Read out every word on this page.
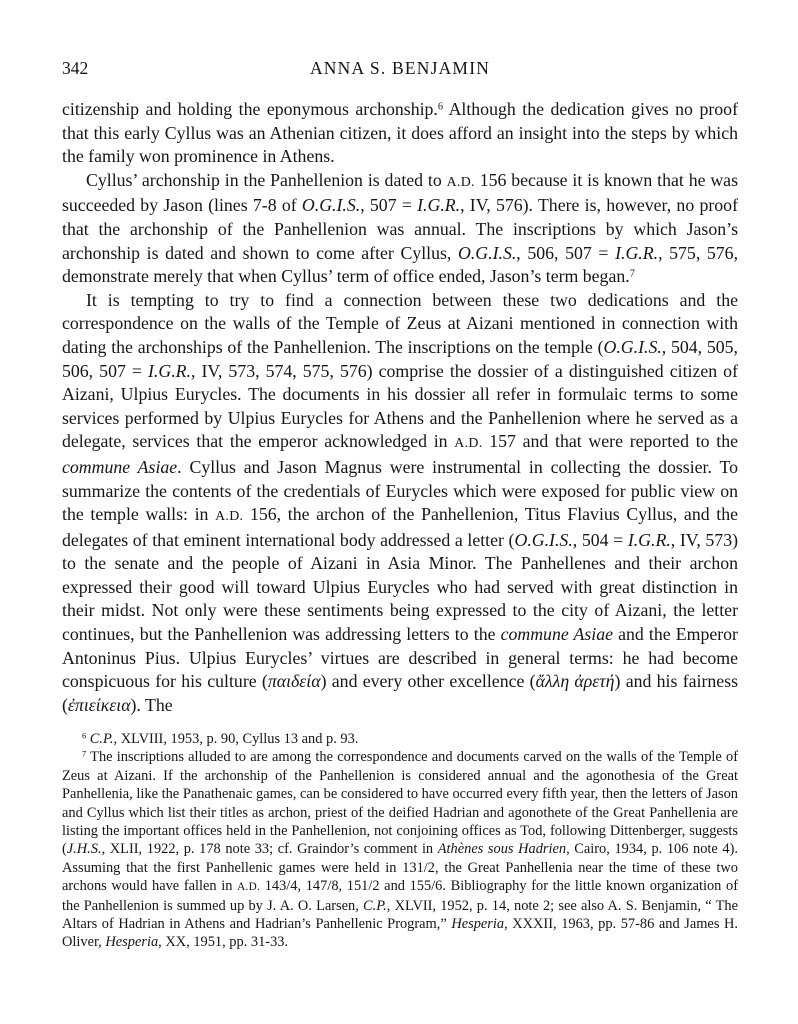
342	ANNA S. BENJAMIN

citizenship and holding the eponymous archonship.$^6$ Although the dedication gives no proof that this early Cyllus was an Athenian citizen, it does afford an insight into the steps by which the family won prominence in Athens.

Cyllus’ archonship in the Panhellenion is dated to A.D. 156 because it is known that he was succeeded by Jason (lines 7-8 of O.G.I.S., 507 = I.G.R., IV, 576). There is, however, no proof that the archonship of the Panhellenion was annual. The inscriptions by which Jason’s archonship is dated and shown to come after Cyllus, O.G.I.S., 506, 507 = I.G.R., 575, 576, demonstrate merely that when Cyllus’ term of office ended, Jason’s term began.$^7$

It is tempting to try to find a connection between these two dedications and the correspondence on the walls of the Temple of Zeus at Aizani mentioned in connection with dating the archonships of the Panhellenion. The inscriptions on the temple (O.G.I.S., 504, 505, 506, 507 = I.G.R., IV, 573, 574, 575, 576) comprise the dossier of a distinguished citizen of Aizani, Ulpius Eurycles. The documents in his dossier all refer in formulaic terms to some services performed by Ulpius Eurycles for Athens and the Panhellenion where he served as a delegate, services that the emperor acknowledged in A.D. 157 and that were reported to the commune Asiae. Cyllus and Jason Magnus were instrumental in collecting the dossier. To summarize the contents of the credentials of Eurycles which were exposed for public view on the temple walls: in A.D. 156, the archon of the Panhellenion, Titus Flavius Cyllus, and the delegates of that eminent international body addressed a letter (O.G.I.S., 504 = I.G.R., IV, 573) to the senate and the people of Aizani in Asia Minor. The Panhellenes and their archon expressed their good will toward Ulpius Eurycles who had served with great distinction in their midst. Not only were these sentiments being expressed to the city of Aizani, the letter continues, but the Panhellenion was addressing letters to the commune Asiae and the Emperor Antoninus Pius. Ulpius Eurycles’ virtues are described in general terms: he had become conspicuous for his culture (παιδεία) and every other excellence (ἄλλη ἀρετή) and his fairness (ἐπιείκεια). The

$^6$ C.P., XLVIII, 1953, p. 90, Cyllus 13 and p. 93.

$^7$ The inscriptions alluded to are among the correspondence and documents carved on the walls of the Temple of Zeus at Aizani. If the archonship of the Panhellenion is considered annual and the agonothesia of the Great Panhellenia, like the Panathenaic games, can be considered to have occurred every fifth year, then the letters of Jason and Cyllus which list their titles as archon, priest of the deified Hadrian and agonothete of the Great Panhellenia are listing the important offices held in the Panhellenion, not conjoining offices as Tod, following Dittenberger, suggests (J.H.S., XLII, 1922, p. 178 note 33; cf. Graindor’s comment in Athènes sous Hadrien, Cairo, 1934, p. 106 note 4). Assuming that the first Panhellenic games were held in 131/2, the Great Panhellenia near the time of these two archons would have fallen in A.D. 143/4, 147/8, 151/2 and 155/6. Bibliography for the little known organization of the Panhellenion is summed up by J. A. O. Larsen, C.P., XLVII, 1952, p. 14, note 2; see also A. S. Benjamin, “ The Altars of Hadrian in Athens and Hadrian’s Panhellenic Program,” Hesperia, XXXII, 1963, pp. 57-86 and James H. Oliver, Hesperia, XX, 1951, pp. 31-33.
